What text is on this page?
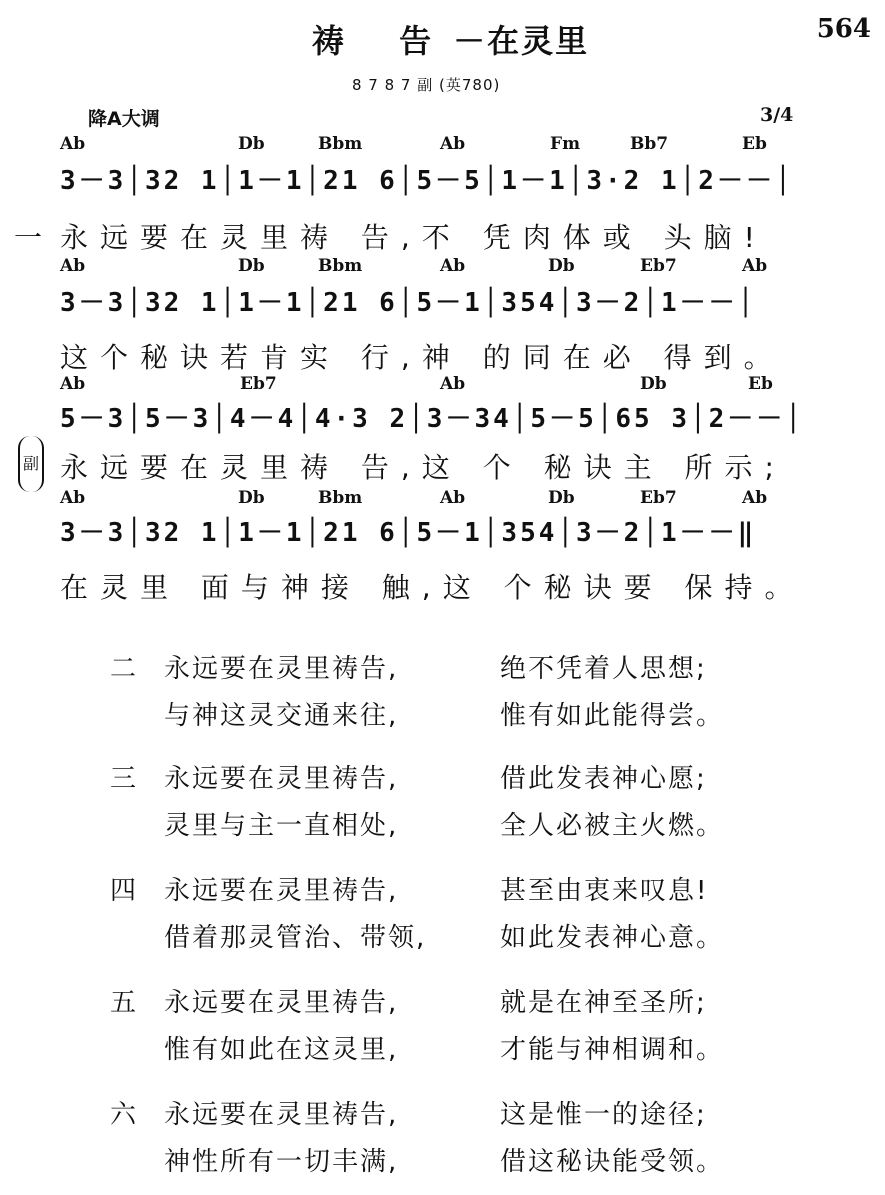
祷 告－在灵里	564
8 7 8 7 副 (英780)
降A大调	3/4
Ab	Db	Bbm	Ab	Fm	Bb7	Eb
3－3│32 1│1－1│21 6│5－5│1－1│3·2 1│2－－│
一 永远要在灵里祷 告,不 凭肉体或 头脑!
Ab	Db	Bbm	Ab	Db	Eb7	Ab
3－3│32 1│1－1│21 6│5－1│354│3－2│1－－│
这个秘诀若肯实 行,神 的同在必 得到。
Ab	Eb7	Ab	Db	Eb
5－3│5－3│4－4│4·3 2│3－34│5－5│65 3│2－－│
副 永远要在灵里祷 告,这 个 秘诀主 所示;
Ab	Db	Bbm	Ab	Db	Eb7	Ab
3－3│32 1│1－1│21 6│5－1│354│3－2│1－－‖
在灵里 面与神接 触,这 个秘诀要 保持。
二 永远要在灵里祷告,	绝不凭着人思想;
与神这灵交通来往,	惟有如此能得尝。
三 永远要在灵里祷告,	借此发表神心愿;
灵里与主一直相处,	全人必被主火燃。
四 永远要在灵里祷告,	甚至由衷来叹息!
借着那灵管治、带领,	如此发表神心意。
五 永远要在灵里祷告,	就是在神至圣所;
惟有如此在这灵里,	才能与神相调和。
六 永远要在灵里祷告,	这是惟一的途径;
神性所有一切丰满,	借这秘诀能受领。
